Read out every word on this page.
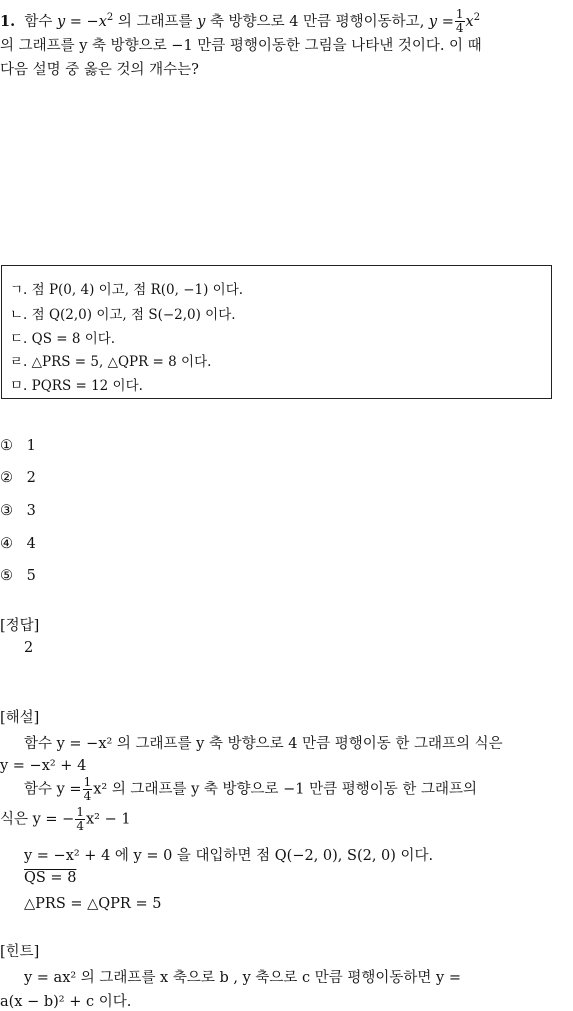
1. 함수 $y = -x^2$ 의 그래프를 y 축 방향으로 4 만큼 평행이동하고, $y = \frac{1}{4} x^2$
의 그래프를 y 축 방향으로 −1 만큼 평행이동한 그림을 나타낸 것이다. 이 때
다음 설명 중 옳은 것의 개수는?
ㄱ. 점 P(0, 4) 이고, 점 R(0, −1) 이다.
ㄴ. 점 Q(2,0) 이고, 점 S(−2,0) 이다.
ㄷ. QS = 8 이다.
ㄹ. △PRS = 5, △QPR = 8 이다.
ㅁ. PQRS = 12 이다.
① 1
② 2
③ 3
④ 4
⑤ 5
[정답]
2
[해설]
함수 y = −x² 의 그래프를 y 축 방향으로 4 만큼 평행이동 한 그래프의 식은
y = −x² + 4
함수 $y = \frac{1}{4} x^2$ 의 그래프를 y 축 방향으로 −1 만큼 평행이동 한 그래프의
식은 y = − $\frac{1}{4} x^2 - 1$
y = −x² + 4 에 y = 0 을 대입하면 점 Q(−2, 0), S(2, 0) 이다.
QS = 8
△PRS = △QPR = 5
[힌트]
y = ax² 의 그래프를 x 축으로 b , y 축으로 c 만큼 평행이동하면 y =
a(x − b)² + c 이다.
